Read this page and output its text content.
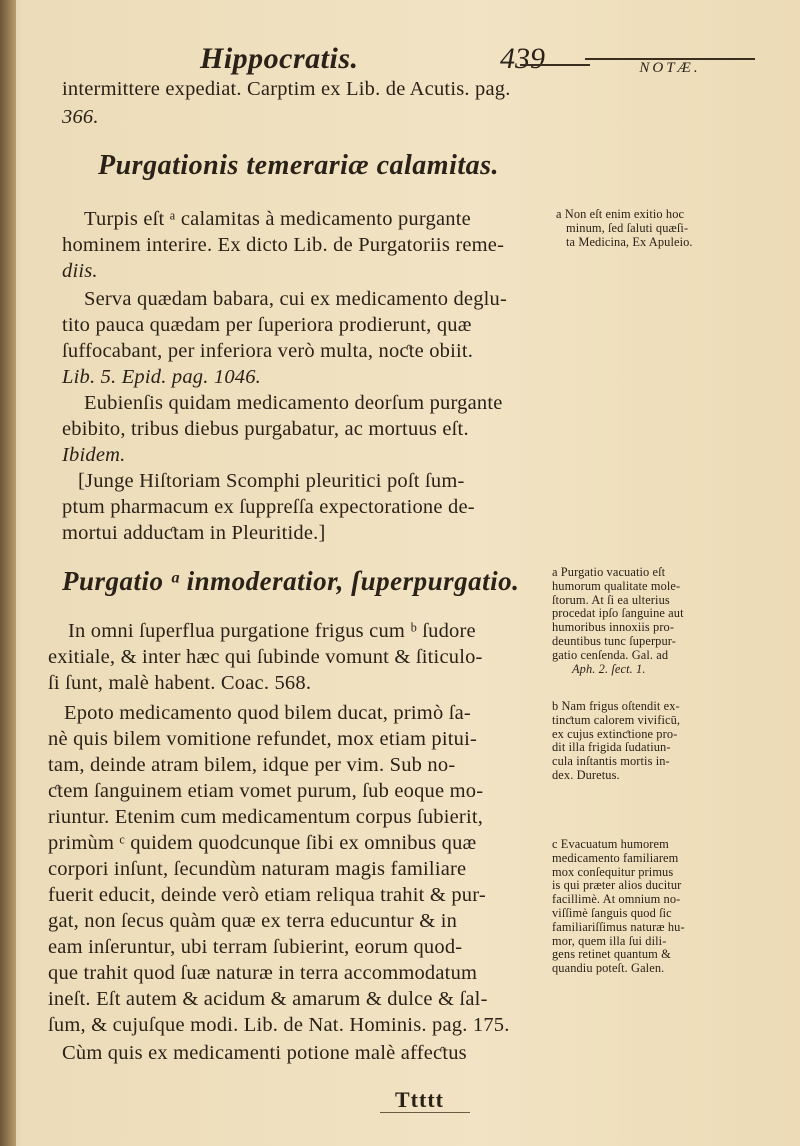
Hippocratis.	439	NOTÆ.
intermittere expediat. Carptim ex Lib. de Acutis. pag.
366.
Purgationis temerariæ calamitas.
Turpis eſt ᵃ calamitas à medicamento purgante
hominem interire. Ex dicto Lib. de Purgatoriis reme-
diis.
Serva quædam babara, cui ex medicamento deglu-
tito pauca quædam per ſuperiora prodierunt, quæ
ſuffocabant, per inferiora verò multa, noƈte obiit.
Lib. 5. Epid. pag. 1046.
Eubienſis quidam medicamento deorſum purgante
ebibito, tribus diebus purgabatur, ac mortuus eſt.
Ibidem.
[Junge Hiſtoriam Scomphi pleuritici poſt ſum-
ptum pharmacum ex ſuppreſſa expectoratione de-
mortui adduƈtam in Pleuritide.]
Purgatio ᵃ inmoderatior, ſuperpurgatio.
In omni ſuperflua purgatione frigus cum ᵇ ſudore
exitiale, & inter hæc qui ſubinde vomunt & ſiticulo-
ſi ſunt, malè habent. Coac. 568.
Epoto medicamento quod bilem ducat, primò ſa-
nè quis bilem vomitione refundet, mox etiam pitui-
tam, deinde atram bilem, idque per vim. Sub no-
ƈtem ſanguinem etiam vomet purum, ſub eoque mo-
riuntur. Etenim cum medicamentum corpus ſubierit,
primùm ᶜ quidem quodcunque ſibi ex omnibus quæ
corpori inſunt, ſecundùm naturam magis familiare
fuerit educit, deinde verò etiam reliqua trahit & pur-
gat, non ſecus quàm quæ ex terra educuntur & in
eam inſeruntur, ubi terram ſubierint, eorum quod-
que trahit quod ſuæ naturæ in terra accommodatum
ineſt. Eſt autem & acidum & amarum & dulce & ſal-
ſum, & cujuſque modi. Lib. de Nat. Hominis. pag. 175.
Cùm quis ex medicamenti potione malè affeƈtus
a Non eſt enim exitio hoc
minum, ſed ſaluti quæſi-
ta Medicina, Ex Apuleio.
a Purgatio vacuatio eſt
humorum qualitate mole-
ſtorum. At ſi ea ulterius
procedat ipſo ſanguine aut
humoribus innoxiis pro-
deuntibus tunc ſuperpur-
gatio cenſenda. Gal. ad
Aph. 2. ſect. 1.
b Nam frigus oſtendit ex-
tinƈtum calorem vivificū,
ex cujus extinƈtione pro-
dit illa frigida ſudatiun-
cula inſtantis mortis in-
dex. Duretus.
c Evacuatum humorem
medicamento familiarem
mox conſequitur primus
is qui præter alios ducitur
facillimè. At omnium no-
viſſimè ſanguis quod ſic
familiariſſimus naturæ hu-
mor, quem illa ſui dili-
gens retinet quantum &
quandiu poteſt. Galen.
Ttttt
